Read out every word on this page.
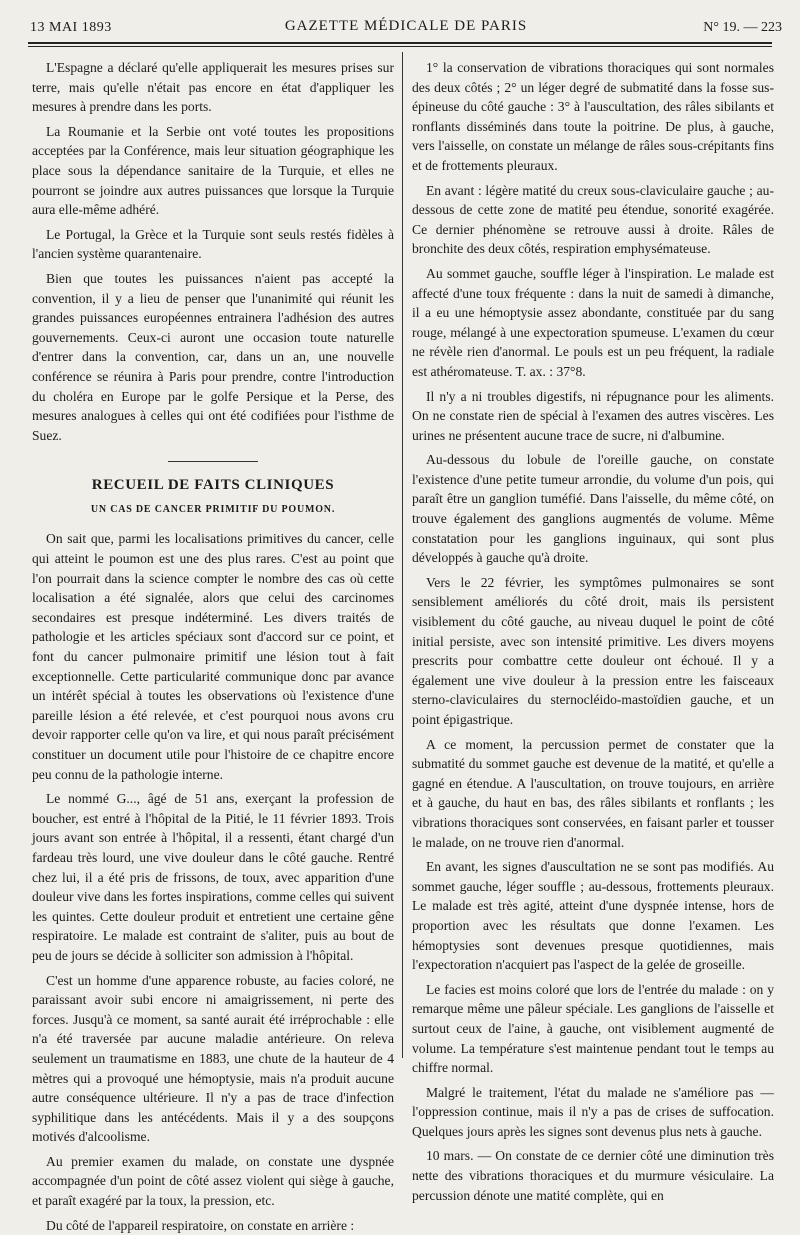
13 MAI 1893	GAZETTE MÉDICALE DE PARIS	N° 19. — 223

L'Espagne a déclaré qu'elle appliquerait les mesures prises sur terre, mais qu'elle n'était pas encore en état d'appliquer les mesures à prendre dans les ports.

La Roumanie et la Serbie ont voté toutes les propositions acceptées par la Conférence, mais leur situation géographique les place sous la dépendance sanitaire de la Turquie, et elles ne pourront se joindre aux autres puissances que lorsque la Turquie aura elle-même adhéré.

Le Portugal, la Grèce et la Turquie sont seuls restés fidèles à l'ancien système quarantenaire.

Bien que toutes les puissances n'aient pas accepté la convention, il y a lieu de penser que l'unanimité qui réunit les grandes puissances européennes entrainera l'adhésion des autres gouvernements. Ceux-ci auront une occasion toute naturelle d'entrer dans la convention, car, dans un an, une nouvelle conférence se réunira à Paris pour prendre, contre l'introduction du choléra en Europe par le golfe Persique et la Perse, des mesures analogues à celles qui ont été codifiées pour l'isthme de Suez.

RECUEIL DE FAITS CLINIQUES
UN CAS DE CANCER PRIMITIF DU POUMON.

On sait que, parmi les localisations primitives du cancer, celle qui atteint le poumon est une des plus rares. C'est au point que l'on pourrait dans la science compter le nombre des cas où cette localisation a été signalée, alors que celui des carcinomes secondaires est presque indéterminé. Les divers traités de pathologie et les articles spéciaux sont d'accord sur ce point, et font du cancer pulmonaire primitif une lésion tout à fait exceptionnelle. Cette particularité communique donc par avance un intérêt spécial à toutes les observations où l'existence d'une pareille lésion a été relevée, et c'est pourquoi nous avons cru devoir rapporter celle qu'on va lire, et qui nous paraît précisément constituer un document utile pour l'histoire de ce chapitre encore peu connu de la pathologie interne.

Le nommé G..., âgé de 51 ans, exerçant la profession de boucher, est entré à l'hôpital de la Pitié, le 11 février 1893. Trois jours avant son entrée à l'hôpital, il a ressenti, étant chargé d'un fardeau très lourd, une vive douleur dans le côté gauche. Rentré chez lui, il a été pris de frissons, de toux, avec apparition d'une douleur vive dans les fortes inspirations, comme celles qui suivent les quintes. Cette douleur produit et entretient une certaine gêne respiratoire. Le malade est contraint de s'aliter, puis au bout de peu de jours se décide à solliciter son admission à l'hôpital.

C'est un homme d'une apparence robuste, au facies coloré, ne paraissant avoir subi encore ni amaigrissement, ni perte des forces. Jusqu'à ce moment, sa santé aurait été irréprochable : elle n'a été traversée par aucune maladie antérieure. On releva seulement un traumatisme en 1883, une chute de la hauteur de 4 mètres qui a provoqué une hémoptysie, mais n'a produit aucune autre conséquence ultérieure. Il n'y a pas de trace d'infection syphilitique dans les antécédents. Mais il y a des soupçons motivés d'alcoolisme.

Au premier examen du malade, on constate une dyspnée accompagnée d'un point de côté assez violent qui siège à gauche, et paraît exagéré par la toux, la pression, etc.

Du côté de l'appareil respiratoire, on constate en arrière :

1° la conservation de vibrations thoraciques qui sont normales des deux côtés ; 2° un léger degré de submatité dans la fosse sus-épineuse du côté gauche : 3° à l'auscultation, des râles sibilants et ronflants disséminés dans toute la poitrine. De plus, à gauche, vers l'aisselle, on constate un mélange de râles sous-crépitants fins et de frottements pleuraux.

En avant : légère matité du creux sous-claviculaire gauche ; au-dessous de cette zone de matité peu étendue, sonorité exagérée. Ce dernier phénomène se retrouve aussi à droite. Râles de bronchite des deux côtés, respiration emphysémateuse.

Au sommet gauche, souffle léger à l'inspiration. Le malade est affecté d'une toux fréquente : dans la nuit de samedi à dimanche, il a eu une hémoptysie assez abondante, constituée par du sang rouge, mélangé à une expectoration spumeuse. L'examen du cœur ne révèle rien d'anormal. Le pouls est un peu fréquent, la radiale est athéromateuse. T. ax. : 37°8.

Il n'y a ni troubles digestifs, ni répugnance pour les aliments. On ne constate rien de spécial à l'examen des autres viscères. Les urines ne présentent aucune trace de sucre, ni d'albumine.

Au-dessous du lobule de l'oreille gauche, on constate l'existence d'une petite tumeur arrondie, du volume d'un pois, qui paraît être un ganglion tuméfié. Dans l'aisselle, du même côté, on trouve également des ganglions augmentés de volume. Même constatation pour les ganglions inguinaux, qui sont plus développés à gauche qu'à droite.

Vers le 22 février, les symptômes pulmonaires se sont sensiblement améliorés du côté droit, mais ils persistent visiblement du côté gauche, au niveau duquel le point de côté initial persiste, avec son intensité primitive. Les divers moyens prescrits pour combattre cette douleur ont échoué. Il y a également une vive douleur à la pression entre les faisceaux sterno-claviculaires du sternocléido-mastoïdien gauche, et un point épigastrique.

A ce moment, la percussion permet de constater que la submatité du sommet gauche est devenue de la matité, et qu'elle a gagné en étendue. A l'auscultation, on trouve toujours, en arrière et à gauche, du haut en bas, des râles sibilants et ronflants ; les vibrations thoraciques sont conservées, en faisant parler et tousser le malade, on ne trouve rien d'anormal.

En avant, les signes d'auscultation ne se sont pas modifiés. Au sommet gauche, léger souffle ; au-dessous, frottements pleuraux. Le malade est très agité, atteint d'une dyspnée intense, hors de proportion avec les résultats que donne l'examen. Les hémoptysies sont devenues presque quotidiennes, mais l'expectoration n'acquiert pas l'aspect de la gelée de groseille.

Le facies est moins coloré que lors de l'entrée du malade : on y remarque même une pâleur spéciale. Les ganglions de l'aisselle et surtout ceux de l'aine, à gauche, ont visiblement augmenté de volume. La température s'est maintenue pendant tout le temps au chiffre normal.

Malgré le traitement, l'état du malade ne s'améliore pas — l'oppression continue, mais il n'y a pas de crises de suffocation. Quelques jours après les signes sont devenus plus nets à gauche.

10 mars. — On constate de ce dernier côté une diminution très nette des vibrations thoraciques et du murmure vésiculaire. La percussion dénote une matité complète, qui en
